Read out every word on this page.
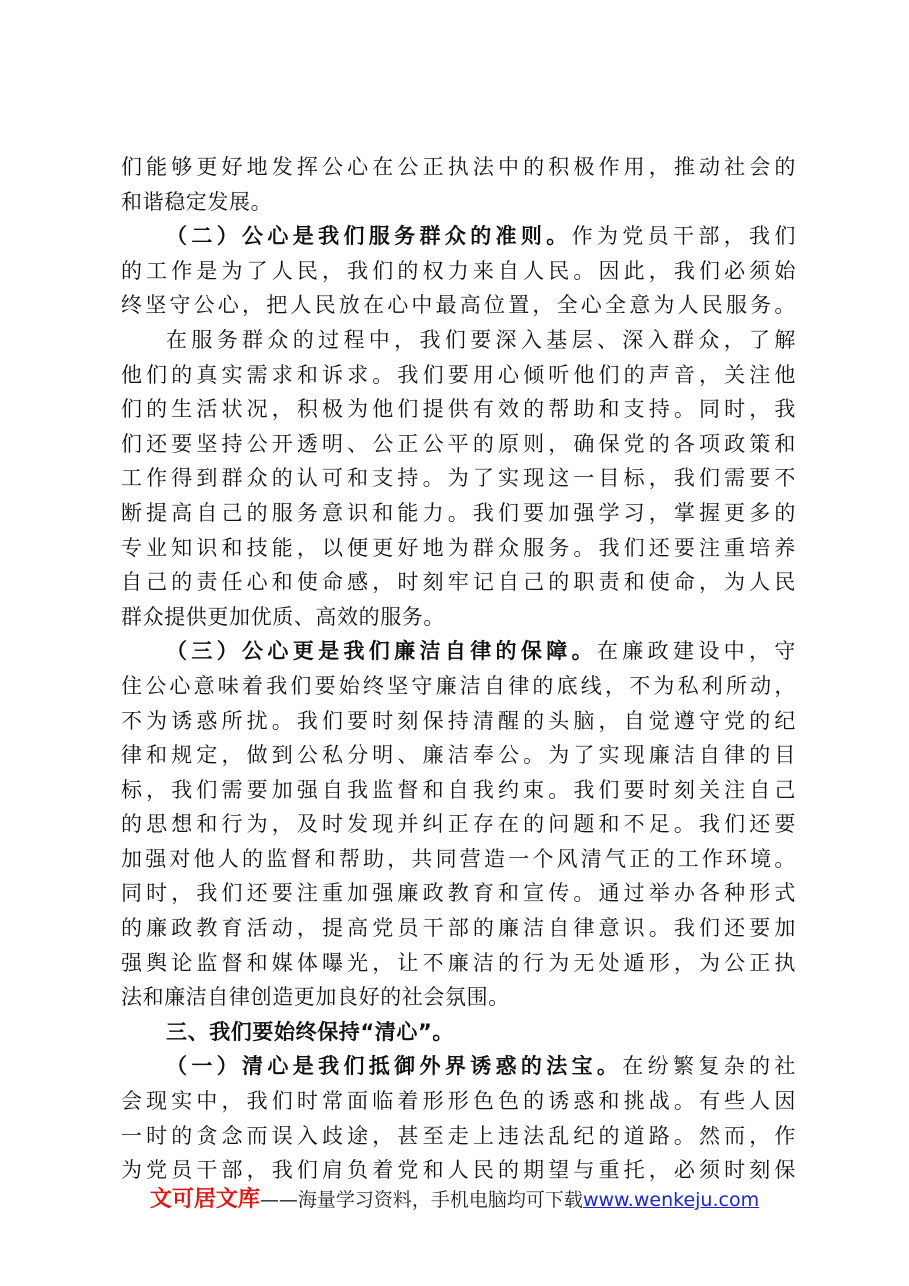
们能够更好地发挥公心在公正执法中的积极作用，推动社会的
和谐稳定发展。
（二）公心是我们服务群众的准则。作为党员干部，我们
的工作是为了人民，我们的权力来自人民。因此，我们必须始
终坚守公心，把人民放在心中最高位置，全心全意为人民服务。
在服务群众的过程中，我们要深入基层、深入群众，了解
他们的真实需求和诉求。我们要用心倾听他们的声音，关注他
们的生活状况，积极为他们提供有效的帮助和支持。同时，我
们还要坚持公开透明、公正公平的原则，确保党的各项政策和
工作得到群众的认可和支持。为了实现这一目标，我们需要不
断提高自己的服务意识和能力。我们要加强学习，掌握更多的
专业知识和技能，以便更好地为群众服务。我们还要注重培养
自己的责任心和使命感，时刻牢记自己的职责和使命，为人民
群众提供更加优质、高效的服务。
（三）公心更是我们廉洁自律的保障。在廉政建设中，守
住公心意味着我们要始终坚守廉洁自律的底线，不为私利所动，
不为诱惑所扰。我们要时刻保持清醒的头脑，自觉遵守党的纪
律和规定，做到公私分明、廉洁奉公。为了实现廉洁自律的目
标，我们需要加强自我监督和自我约束。我们要时刻关注自己
的思想和行为，及时发现并纠正存在的问题和不足。我们还要
加强对他人的监督和帮助，共同营造一个风清气正的工作环境。
同时，我们还要注重加强廉政教育和宣传。通过举办各种形式
的廉政教育活动，提高党员干部的廉洁自律意识。我们还要加
强舆论监督和媒体曝光，让不廉洁的行为无处遁形，为公正执
法和廉洁自律创造更加良好的社会氛围。
三、我们要始终保持“清心”。
（一）清心是我们抵御外界诱惑的法宝。在纷繁复杂的社
会现实中，我们时常面临着形形色色的诱惑和挑战。有些人因
一时的贪念而误入歧途，甚至走上违法乱纪的道路。然而，作
为党员干部，我们肩负着党和人民的期望与重托，必须时刻保
文可居文库——海量学习资料，手机电脑均可下载www.wenkeju.com
